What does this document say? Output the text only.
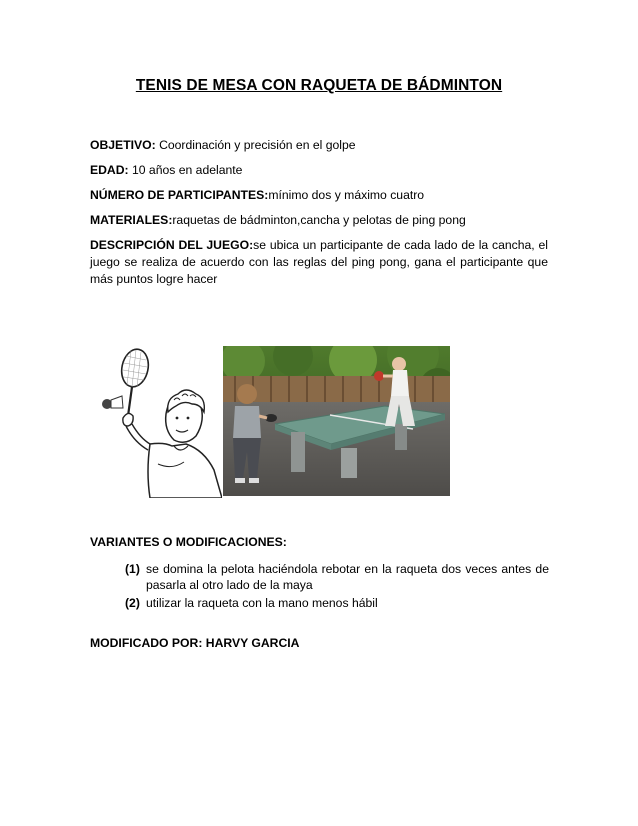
TENIS DE MESA CON RAQUETA DE BÁDMINTON
OBJETIVO: Coordinación y precisión en el golpe
EDAD: 10 años en adelante
NÚMERO DE PARTICIPANTES:mínimo dos y máximo cuatro
MATERIALES:raquetas de bádminton,cancha y pelotas de ping pong
DESCRIPCIÓN DEL JUEGO:se ubica un participante de cada lado de la cancha, el juego se realiza de acuerdo con las reglas del ping pong, gana el participante que más puntos logre hacer
VARIANTES O MODIFICACIONES:
(1) se domina la pelota haciéndola rebotar en la raqueta dos veces antes de pasarla al otro lado de la maya
(2) utilizar la raqueta con la mano menos hábil
MODIFICADO POR: HARVY GARCIA
